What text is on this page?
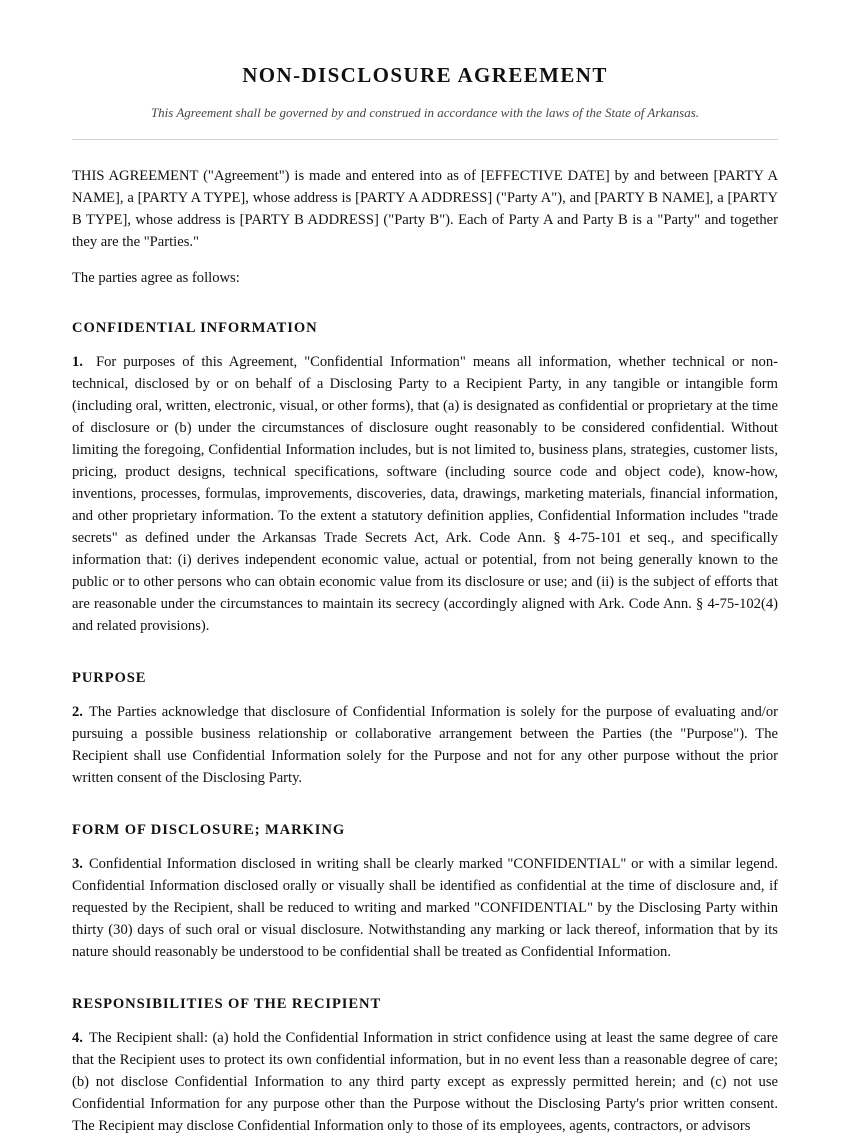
NON-DISCLOSURE AGREEMENT

This Agreement shall be governed by and construed in accordance with the laws of the State of Arkansas.

THIS AGREEMENT ("Agreement") is made and entered into as of [EFFECTIVE DATE] by and between [PARTY A NAME], a [PARTY A TYPE], whose address is [PARTY A ADDRESS] ("Party A"), and [PARTY B NAME], a [PARTY B TYPE], whose address is [PARTY B ADDRESS] ("Party B"). Each of Party A and Party B is a "Party" and together they are the "Parties."

The parties agree as follows:

CONFIDENTIAL INFORMATION

1. For purposes of this Agreement, "Confidential Information" means all information, whether technical or non-technical, disclosed by or on behalf of a Disclosing Party to a Recipient Party, in any tangible or intangible form (including oral, written, electronic, visual, or other forms), that (a) is designated as confidential or proprietary at the time of disclosure or (b) under the circumstances of disclosure ought reasonably to be considered confidential. Without limiting the foregoing, Confidential Information includes, but is not limited to, business plans, strategies, customer lists, pricing, product designs, technical specifications, software (including source code and object code), know-how, inventions, processes, formulas, improvements, discoveries, data, drawings, marketing materials, financial information, and other proprietary information. To the extent a statutory definition applies, Confidential Information includes "trade secrets" as defined under the Arkansas Trade Secrets Act, Ark. Code Ann. § 4-75-101 et seq., and specifically information that: (i) derives independent economic value, actual or potential, from not being generally known to the public or to other persons who can obtain economic value from its disclosure or use; and (ii) is the subject of efforts that are reasonable under the circumstances to maintain its secrecy (accordingly aligned with Ark. Code Ann. § 4-75-102(4) and related provisions).

PURPOSE

2. The Parties acknowledge that disclosure of Confidential Information is solely for the purpose of evaluating and/or pursuing a possible business relationship or collaborative arrangement between the Parties (the "Purpose"). The Recipient shall use Confidential Information solely for the Purpose and not for any other purpose without the prior written consent of the Disclosing Party.

FORM OF DISCLOSURE; MARKING

3. Confidential Information disclosed in writing shall be clearly marked "CONFIDENTIAL" or with a similar legend. Confidential Information disclosed orally or visually shall be identified as confidential at the time of disclosure and, if requested by the Recipient, shall be reduced to writing and marked "CONFIDENTIAL" by the Disclosing Party within thirty (30) days of such oral or visual disclosure. Notwithstanding any marking or lack thereof, information that by its nature should reasonably be understood to be confidential shall be treated as Confidential Information.

RESPONSIBILITIES OF THE RECIPIENT

4. The Recipient shall: (a) hold the Confidential Information in strict confidence using at least the same degree of care that the Recipient uses to protect its own confidential information, but in no event less than a reasonable degree of care; (b) not disclose Confidential Information to any third party except as expressly permitted herein; and (c) not use Confidential Information for any purpose other than the Purpose without the Disclosing Party's prior written consent. The Recipient may disclose Confidential Information only to those of its employees, agents, contractors, or advisors
